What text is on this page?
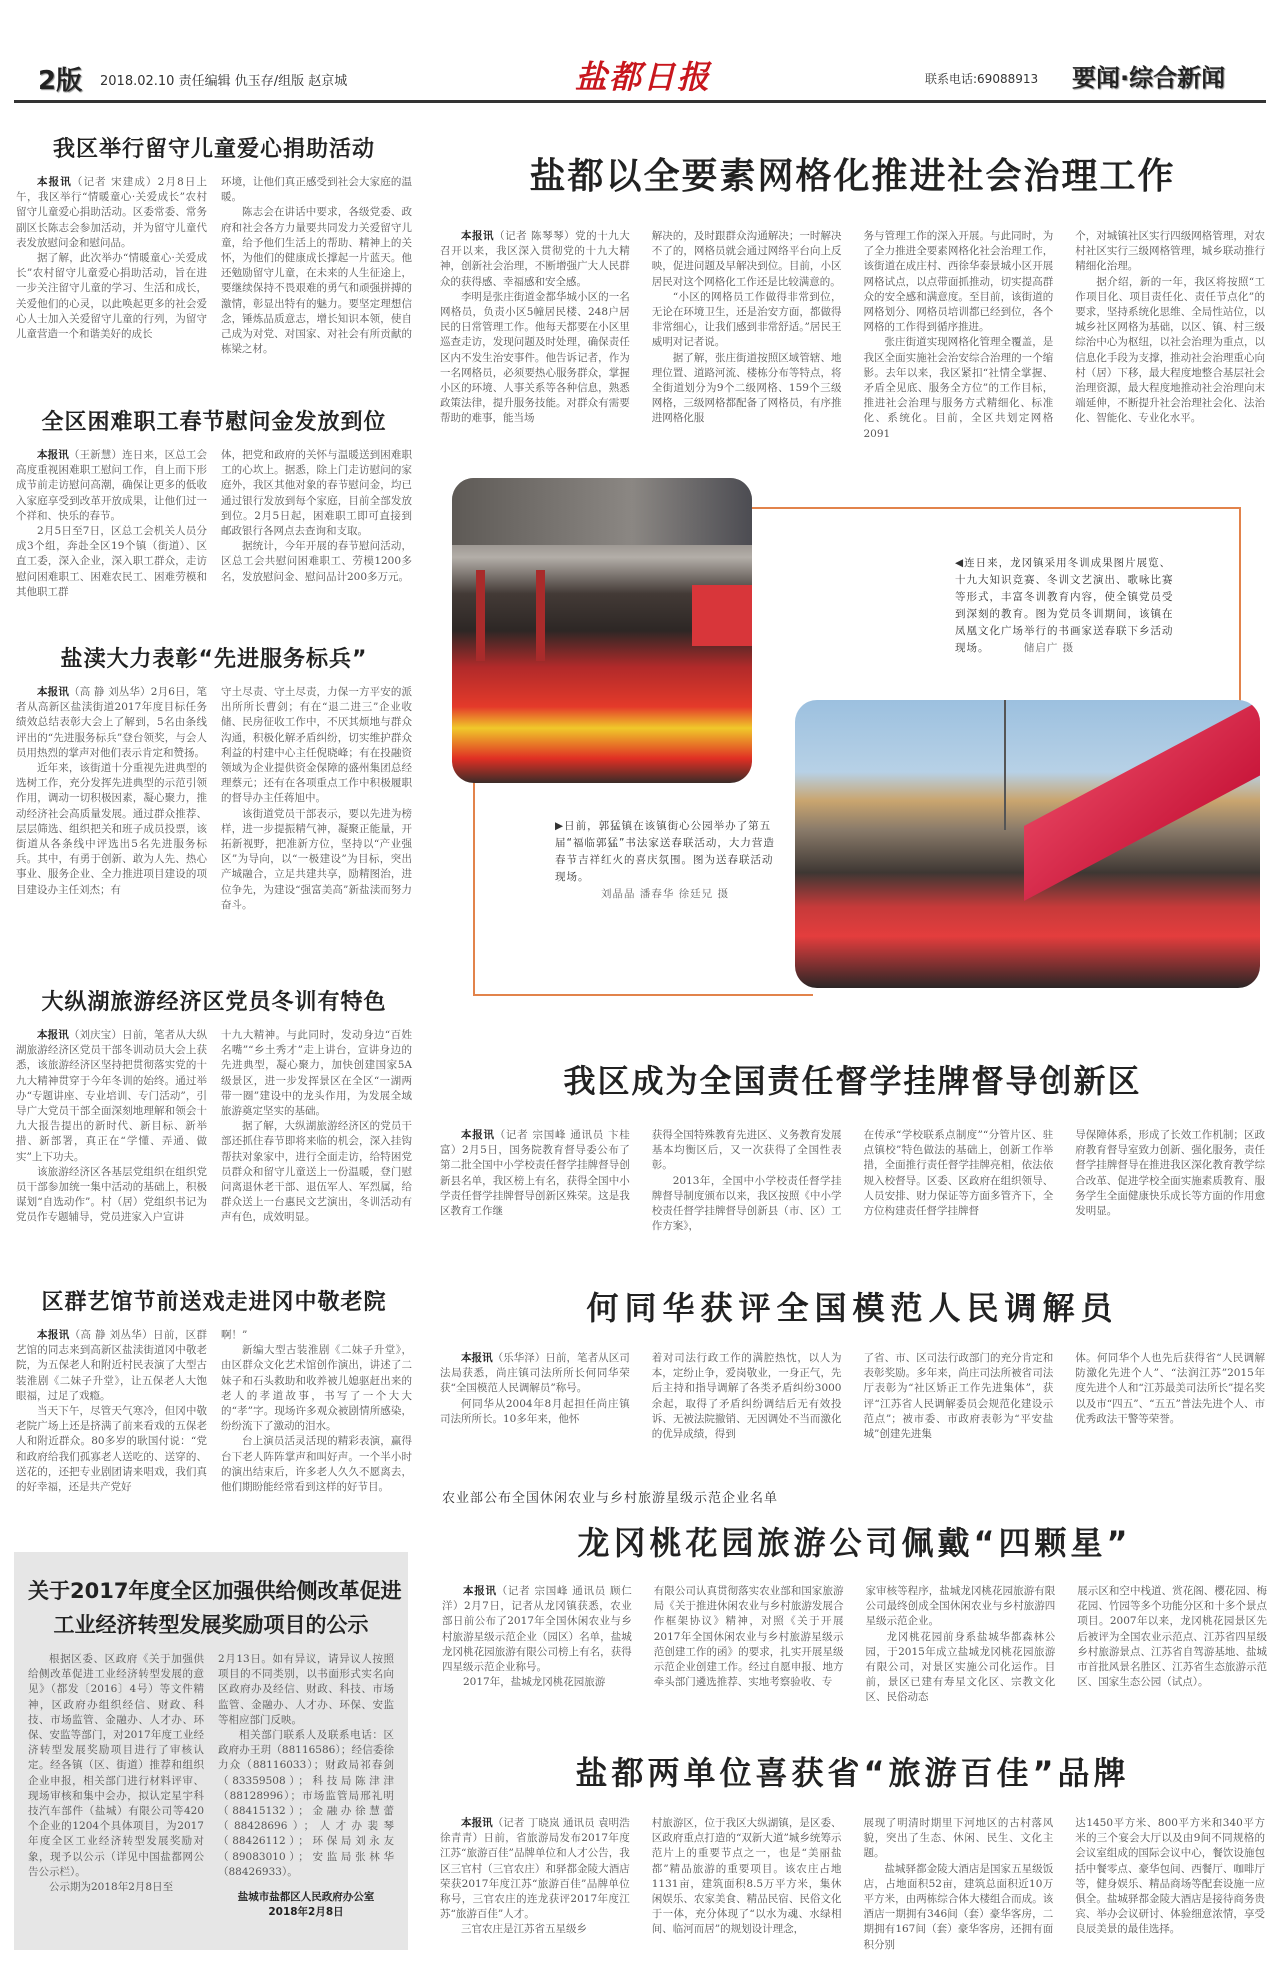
2版 2018.02.10 责任编辑 仇玉存/组版 赵京城	盐都日报	联系电话:69088913 要闻·综合新闻
我区举行留守儿童爱心捐助活动

本报讯（记者 宋建成）2月8日上午，我区举行“情暖童心·关爱成长”农村留守儿童爱心捐助活动。区委常委、常务副区长陈志会参加活动，并为留守儿童代表发放慰问金和慰问品。

据了解，此次举办“情暖童心·关爱成长”农村留守儿童爱心捐助活动，旨在进一步关注留守儿童的学习、生活和成长，关爱他们的心灵，以此唤起更多的社会爱心人士加入关爱留守儿童的行列，为留守儿童营造一个和谐美好的成长

环境，让他们真正感受到社会大家庭的温暖。

陈志会在讲话中要求，各级党委、政府和社会各方力量要共同发力关爱留守儿童，给予他们生活上的帮助、精神上的关怀，为他们的健康成长撑起一片蓝天。他还勉励留守儿童，在未来的人生征途上，要继续保持不畏艰难的勇气和顽强拼搏的激情，彰显出特有的魅力。要坚定理想信念，锤炼品质意志，增长知识本领，使自己成为对党、对国家、对社会有所贡献的栋梁之材。

全区困难职工春节慰问金发放到位

本报讯（王新慧）连日来，区总工会高度重视困难职工慰问工作，自上而下形成节前走访慰问高潮，确保让更多的低收入家庭享受到改革开放成果，让他们过一个祥和、快乐的春节。

2月5日至7日，区总工会机关人员分成3个组，奔赴全区19个镇（街道）、区直工委，深入企业，深入职工群众，走访慰问困难职工、困难农民工、困难劳模和其他职工群

体，把党和政府的关怀与温暖送到困难职工的心坎上。据悉，除上门走访慰问的家庭外，我区其他对象的春节慰问金，均已通过银行发放到每个家庭，目前全部发放到位。2月5日起，困难职工即可直接到邮政银行各网点去查询和支取。

据统计，今年开展的春节慰问活动，区总工会共慰问困难职工、劳模1200多名，发放慰问金、慰问品计200多万元。

盐渎大力表彰“先进服务标兵”

本报讯（高 静 刘丛华）2月6日，笔者从高新区盐渎街道2017年度目标任务绩效总结表彰大会上了解到，5名由条线评出的“先进服务标兵”登台领奖，与会人员用热烈的掌声对他们表示肯定和赞扬。

近年来，该街道十分重视先进典型的选树工作，充分发挥先进典型的示范引领作用，调动一切积极因素，凝心聚力，推动经济社会高质量发展。通过群众推荐、层层筛选、组织把关和班子成员投票，该街道从各条线中评选出5名先进服务标兵。其中，有勇于创新、敢为人先、热心事业、服务企业、全力推进项目建设的项目建设办主任刘杰；有

守土尽责、守土尽责，力保一方平安的派出所所长曹剑；有在“退二进三”企业收储、民房征收工作中，不厌其烦地与群众沟通，积极化解矛盾纠纷，切实维护群众利益的村建中心主任倪晓峰；有在投融资领域为企业提供资金保障的盛州集团总经理蔡元；还有在各项重点工作中积极履职的督导办主任蒋旭中。

该街道党员干部表示，要以先进为榜样，进一步提振精气神，凝聚正能量，开拓新视野，把准新方位，坚持以“产业强区”为导向，以“一极建设”为目标，突出产城融合，立足共建共享，励精图治，进位争先，为建设“强富美高”新盐渎而努力奋斗。

大纵湖旅游经济区党员冬训有特色

本报讯（刘庆宝）日前，笔者从大纵湖旅游经济区党员干部冬训动员大会上获悉，该旅游经济区坚持把贯彻落实党的十九大精神贯穿于今年冬训的始终。通过举办“专题讲座、专业培训、专门活动”，引导广大党员干部全面深刻地理解和领会十九大报告提出的新时代、新目标、新举措、新部署，真正在“学懂、弄通、做实”上下功夫。

该旅游经济区各基层党组织在组织党员干部参加统一集中活动的基础上，积极谋划“自选动作”。村（居）党组织书记为党员作专题辅导，党员进家入户宣讲

十九大精神。与此同时，发动身边“百姓名嘴”“乡土秀才”走上讲台，宣讲身边的先进典型，凝心聚力，加快创建国家5A级景区，进一步发挥景区在全区“一湖两带一圈”建设中的龙头作用，为发展全域旅游奠定坚实的基础。

据了解，大纵湖旅游经济区的党员干部还抓住春节即将来临的机会，深入挂钩帮扶对象家中，进行全面走访，给特困党员群众和留守儿童送上一份温暖，登门慰问离退休老干部、退伍军人、军烈属，给群众送上一台惠民文艺演出，冬训活动有声有色，成效明显。

区群艺馆节前送戏走进冈中敬老院

本报讯（高 静 刘丛华）日前，区群艺馆的同志来到高新区盐渎街道冈中敬老院，为五保老人和附近村民表演了大型古装淮剧《二妹子升堂》，让五保老人大饱眼福，过足了戏瘾。

当天下午，尽管天气寒冷，但冈中敬老院广场上还是挤满了前来看戏的五保老人和附近群众。80多岁的耿国付说：“党和政府给我们孤寡老人送吃的、送穿的、送花的，还把专业剧团请来唱戏，我们真的好幸福，还是共产党好

啊！”

新编大型古装淮剧《二妹子升堂》，由区群众文化艺术馆创作演出，讲述了二妹子和石头救助和收养被儿媳驱赶出来的老人的孝道故事，书写了一个大大的“孝”字。现场许多观众被剧情所感染，纷纷流下了激动的泪水。

台上演员活灵活现的精彩表演，赢得台下老人阵阵掌声和叫好声。一个半小时的演出结束后，许多老人久久不愿离去，他们期盼能经常看到这样的好节目。

关于2017年度全区加强供给侧改革促进
工业经济转型发展奖励项目的公示

根据区委、区政府《关于加强供给侧改革促进工业经济转型发展的意见》（都发〔2016〕4号）等文件精神，区政府办组织经信、财政、科技、市场监管、金融办、人才办、环保、安监等部门，对2017年度工业经济转型发展奖励项目进行了审核认定。经各镇（区、街道）推荐和组织企业申报，相关部门进行材料评审、现场审核和集中会办，拟认定星宇科技汽车部件（盐城）有限公司等420个企业的1204个具体项目，为2017年度全区工业经济转型发展奖励对象，现予以公示（详见中国盐都网公告公示栏）。

公示期为2018年2月8日至

2月13日。如有异议，请异议人按照项目的不同类别，以书面形式实名向区政府办及经信、财政、科技、市场监管、金融办、人才办、环保、安监等相应部门反映。

相关部门联系人及联系电话：区政府办王玥（88116586）；经信委徐力众（88116033）；财政局祁春剑（83359508）；科技局陈津津（88128996）；市场监管局邢礼明（88415132）；金融办徐慧蕾（88428696）；人才办裴琴（88426112）；环保局刘永友（89083010）；安监局张林华（88426933）。

盐城市盐都区人民政府办公室
2018年2月8日
盐都以全要素网格化推进社会治理工作

本报讯（记者 陈琴琴）党的十九大召开以来，我区深入贯彻党的十九大精神，创新社会治理，不断增强广大人民群众的获得感、幸福感和安全感。

李明是张庄街道金都华城小区的一名网格员，负责小区5幢居民楼、248户居民的日常管理工作。他每天都要在小区里巡查走访，发现问题及时处理，确保责任区内不发生治安事件。他告诉记者，作为一名网格员，必须要热心服务群众，掌握小区的环境、人事关系等各种信息，熟悉政策法律，提升服务技能。对群众有需要帮助的难事，能当场

解决的，及时跟群众沟通解决；一时解决不了的，网格员就会通过网络平台向上反映，促进问题及早解决到位。目前，小区居民对这个网格化工作还是比较满意的。

“小区的网格员工作做得非常到位，无论在环境卫生，还是治安方面，都做得非常细心，让我们感到非常舒适。”居民王威明对记者说。

据了解，张庄街道按照区域管辖、地理位置、道路河流、楼栋分布等特点，将全街道划分为9个二级网格、159个三级网格，三级网格都配备了网格员，有序推进网格化服

务与管理工作的深入开展。与此同时，为了全力推进全要素网格化社会治理工作，该街道在成庄村、西徐华泰景城小区开展网格试点，以点带面抓推动，切实提高群众的安全感和满意度。至目前，该街道的网格划分、网格员培训都已经到位，各个网格的工作得到循序推进。

张庄街道实现网格化管理全覆盖，是我区全面实施社会治安综合治理的一个缩影。去年以来，我区紧扣“社情全掌握、矛盾全见底、服务全方位”的工作目标，推进社会治理与服务方式精细化、标准化、系统化。目前，全区共划定网格2091

个，对城镇社区实行四级网格管理，对农村社区实行三级网格管理，城乡联动推行精细化治理。

据介绍，新的一年，我区将按照“工作项目化、项目责任化、责任节点化”的要求，坚持系统化思维、全局性站位，以城乡社区网格为基础，以区、镇、村三级综治中心为枢纽，以社会治理为重点，以信息化手段为支撑，推动社会治理重心向村（居）下移，最大程度地整合基层社会治理资源，最大程度地推动社会治理向末端延伸，不断提升社会治理社会化、法治化、智能化、专业化水平。

◀连日来，龙冈镇采用冬训成果图片展览、十九大知识竞赛、冬训文艺演出、歌咏比赛等形式，丰富冬训教育内容，使全镇党员受到深刻的教育。图为党员冬训期间，该镇在凤凰文化广场举行的书画家送春联下乡活动现场。	储启广 摄
▶日前，郭猛镇在该镇街心公园举办了第五届“福临郭猛”书法家送春联活动，大力营造春节吉祥红火的喜庆氛围。图为送春联活动现场。
刘晶晶 潘春华 徐廷兄 摄
我区成为全国责任督学挂牌督导创新区

本报讯（记者 宗国峰 通讯员 卞桂富）2月5日，国务院教育督导委公布了第二批全国中小学校责任督学挂牌督导创新县名单，我区榜上有名，获得全国中小学责任督学挂牌督导创新区殊荣。这是我区教育工作继

获得全国特殊教育先进区、义务教育发展基本均衡区后，又一次获得了全国性表彰。

2013年，全国中小学校责任督学挂牌督导制度颁布以来，我区按照《中小学校责任督学挂牌督导创新县（市、区）工作方案》，

在传承“学校联系点制度”“分管片区、驻点镇校”特色做法的基础上，创新工作举措，全面推行责任督学挂牌亮相，依法依规入校督导。区委、区政府在组织领导、人员安排、财力保证等方面多管齐下，全方位构建责任督学挂牌督

导保障体系，形成了长效工作机制；区政府教育督导室致力创新、强化服务，责任督学挂牌督导在推进我区深化教育教学综合改革、促进学校全面实施素质教育、服务学生全面健康快乐成长等方面的作用愈发明显。

何同华获评全国模范人民调解员

本报讯（乐华泽）日前，笔者从区司法局获悉，尚庄镇司法所所长何同华荣获“全国模范人民调解员”称号。

何同华从2004年8月起担任尚庄镇司法所所长。10多年来，他怀

着对司法行政工作的满腔热忱，以人为本，定纷止争，爱岗敬业，一身正气，先后主持和指导调解了各类矛盾纠纷3000余起，取得了矛盾纠纷调结后无有效投诉、无被法院撤销、无因调处不当而激化的优异成绩，得到

了省、市、区司法行政部门的充分肯定和表彰奖励。多年来，尚庄司法所被省司法厅表彰为“社区矫正工作先进集体”，获评“江苏省人民调解委员会规范化建设示范点”；被市委、市政府表彰为“平安盐城”创建先进集

体。何同华个人也先后获得省“人民调解防激化先进个人”、“法润江苏”2015年度先进个人和“江苏最美司法所长”提名奖以及市“四五”、“五五”普法先进个人、市优秀政法干警等荣誉。

农业部公布全国休闲农业与乡村旅游星级示范企业名单
龙冈桃花园旅游公司佩戴“四颗星”

本报讯（记者 宗国峰 通讯员 顾仁洋）2月7日，记者从龙冈镇获悉，农业部日前公布了2017年全国休闲农业与乡村旅游星级示范企业（园区）名单，盐城龙冈桃花园旅游有限公司榜上有名，获得四星级示范企业称号。

2017年，盐城龙冈桃花园旅游

有限公司认真贯彻落实农业部和国家旅游局《关于推进休闲农业与乡村旅游发展合作框架协议》精神，对照《关于开展2017年全国休闲农业与乡村旅游星级示范创建工作的函》的要求，扎实开展星级示范企业创建工作。经过自愿申报、地方牵头部门遴选推荐、实地考察验收、专

家审核等程序，盐城龙冈桃花园旅游有限公司最终创成全国休闲农业与乡村旅游四星级示范企业。

龙冈桃花园前身系盐城华都森林公园，于2015年成立盐城龙冈桃花园旅游有限公司，对景区实施公司化运作。目前，景区已建有寿星文化区、宗教文化区、民俗动态

展示区和空中栈道、赏花阁、樱花园、梅花园、竹园等多个功能分区和十多个景点项目。2007年以来，龙冈桃花园景区先后被评为全国农业示范点、江苏省四星级乡村旅游景点、江苏省自驾游基地、盐城市首批风景名胜区、江苏省生态旅游示范区、国家生态公园（试点）。

盐都两单位喜获省“旅游百佳”品牌

本报讯（记者 丁晓岚 通讯员 袁明浩 徐青青）日前，省旅游局发布2017年度江苏“旅游百佳”品牌单位和人才公告，我区三官村（三官农庄）和驿都金陵大酒店荣获2017年度江苏“旅游百佳”品牌单位称号，三官农庄的连龙获评2017年度江苏“旅游百佳”人才。

三官农庄是江苏省五星级乡

村旅游区，位于我区大纵湖镇，是区委、区政府重点打造的“双新大道”城乡统筹示范片上的重要节点之一，也是“美丽盐都”精品旅游的重要项目。该农庄占地1131亩，建筑面积8.5万平方米，集休闲娱乐、农家美食、精品民宿、民俗文化于一体，充分体现了“以水为魂、水绿相间、临河而居”的规划设计理念，

展现了明清时期里下河地区的古村落风貌，突出了生态、休闲、民生、文化主题。

盐城驿都金陵大酒店是国家五星级饭店，占地面积52亩，建筑总面积近10万平方米，由两栋综合体大楼组合而成。该酒店一期拥有346间（套）豪华客房，二期拥有167间（套）豪华客房，还拥有面积分别

达1450平方米、800平方米和340平方米的三个宴会大厅以及由9间不同规格的会议室组成的国际会议中心，餐饮设施包括中餐零点、豪华包间、西餐厅、咖啡厅等，健身娱乐、精品商场等配套设施一应俱全。盐城驿都金陵大酒店是接待商务贵宾、举办会议研讨、体验细意浓情，享受良辰美景的最佳选择。
